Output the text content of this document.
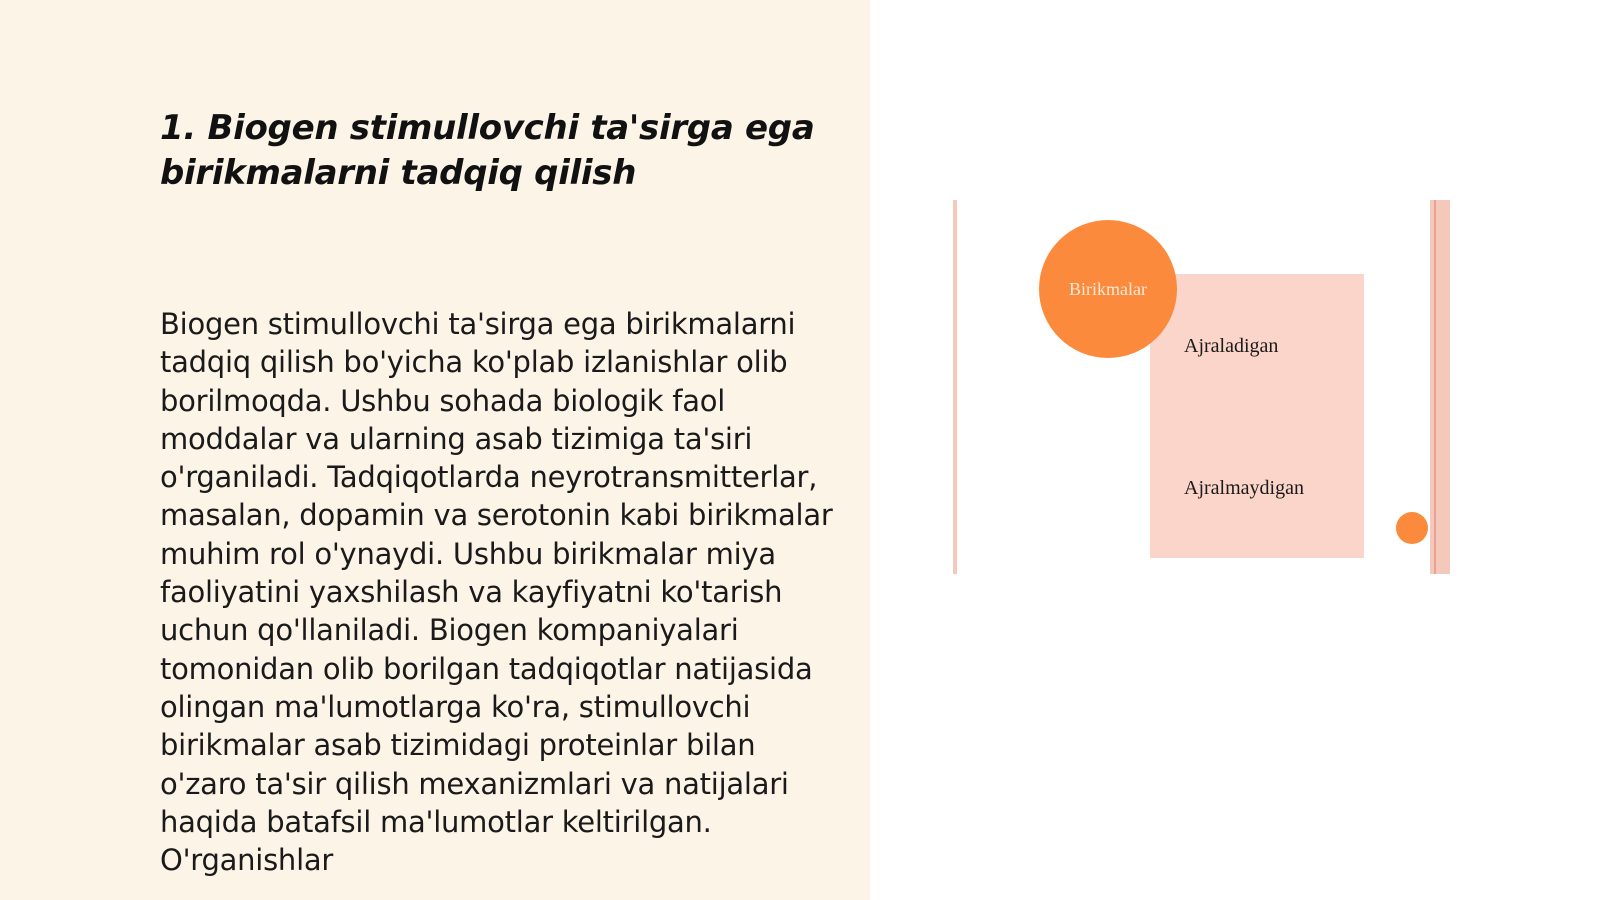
1. Biogen stimullovchi ta'sirga ega birikmalarni tadqiq qilish

Biogen stimullovchi ta'sirga ega birikmalarni tadqiq qilish bo'yicha ko'plab izlanishlar olib borilmoqda. Ushbu sohada biologik faol moddalar va ularning asab tizimiga ta'siri o'rganiladi. Tadqiqotlarda neyrotransmitterlar, masalan, dopamin va serotonin kabi birikmalar muhim rol o'ynaydi. Ushbu birikmalar miya faoliyatini yaxshilash va kayfiyatni ko'tarish uchun qo'llaniladi. Biogen kompaniyalari tomonidan olib borilgan tadqiqotlar natijasida olingan ma'lumotlarga ko'ra, stimullovchi birikmalar asab tizimidagi proteinlar bilan o'zaro ta'sir qilish mexanizmlari va natijalari haqida batafsil ma'lumotlar keltirilgan. O'rganishlar

Birikmalar
Ajraladigan
Ajralmaydigan
